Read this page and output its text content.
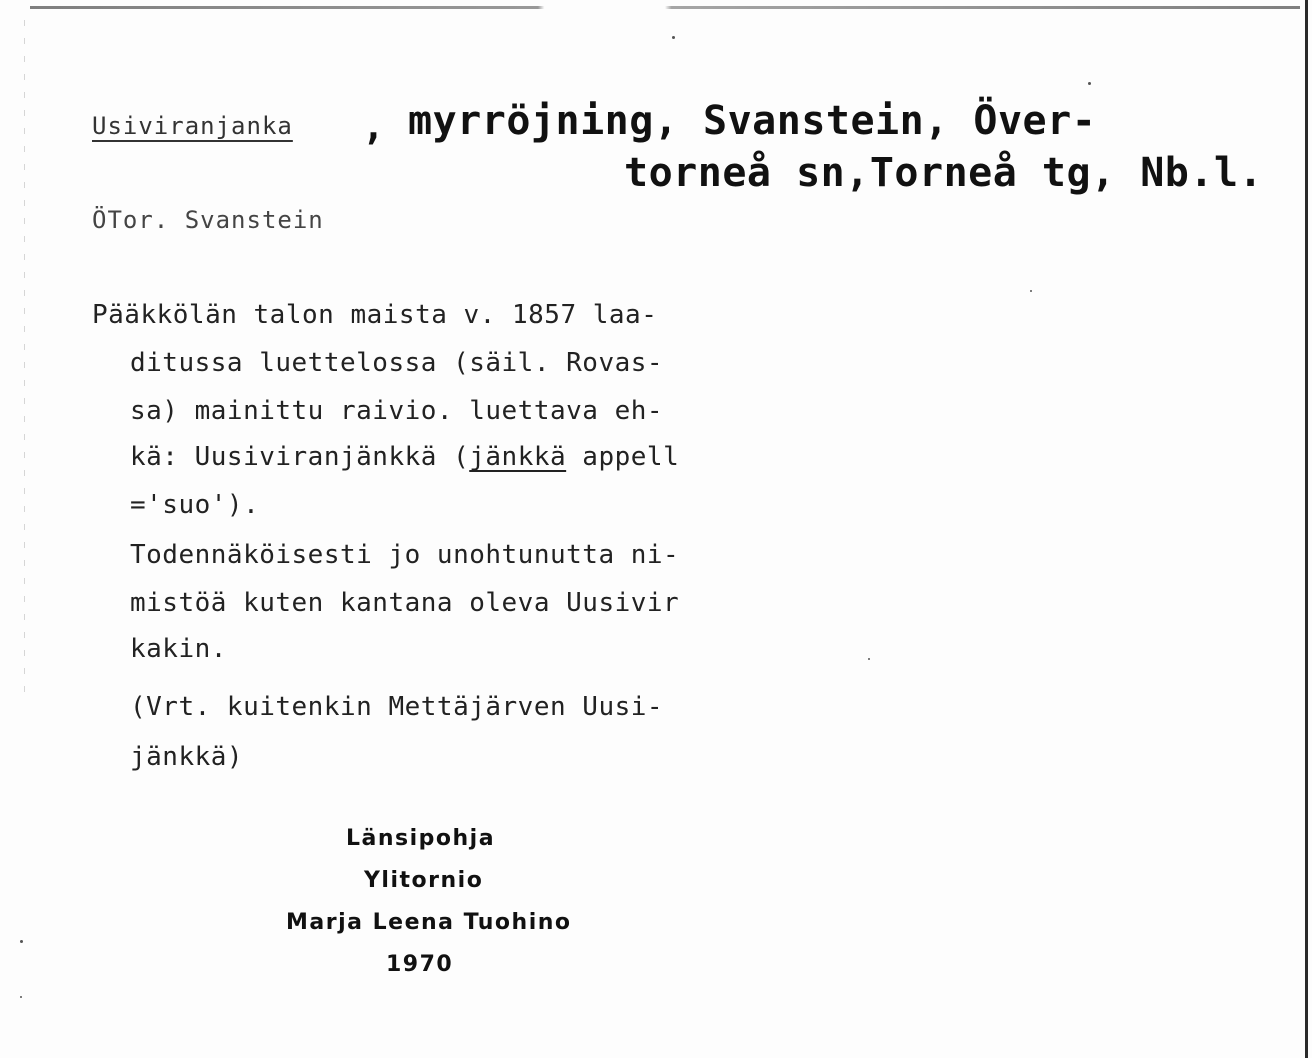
Usiviranjanka , myrröjning, Svanstein, Över-
torneå sn,Torneå tg, Nb.l.
ÖTor. Svanstein
Pääkkölän talon maista v. 1857 laa-
ditussa luettelossa (säil. Rovas-
sa) mainittu raivio. luettava eh-
kä: Uusiviranjänkkä (jänkkä appell
='suo').
Todennäköisesti jo unohtunutta ni-
mistöä kuten kantana oleva Uusivir
kakin.
(Vrt. kuitenkin Mettäjärven Uusi-
jänkkä)
Länsipohja
Ylitornio
Marja Leena Tuohino
1970
